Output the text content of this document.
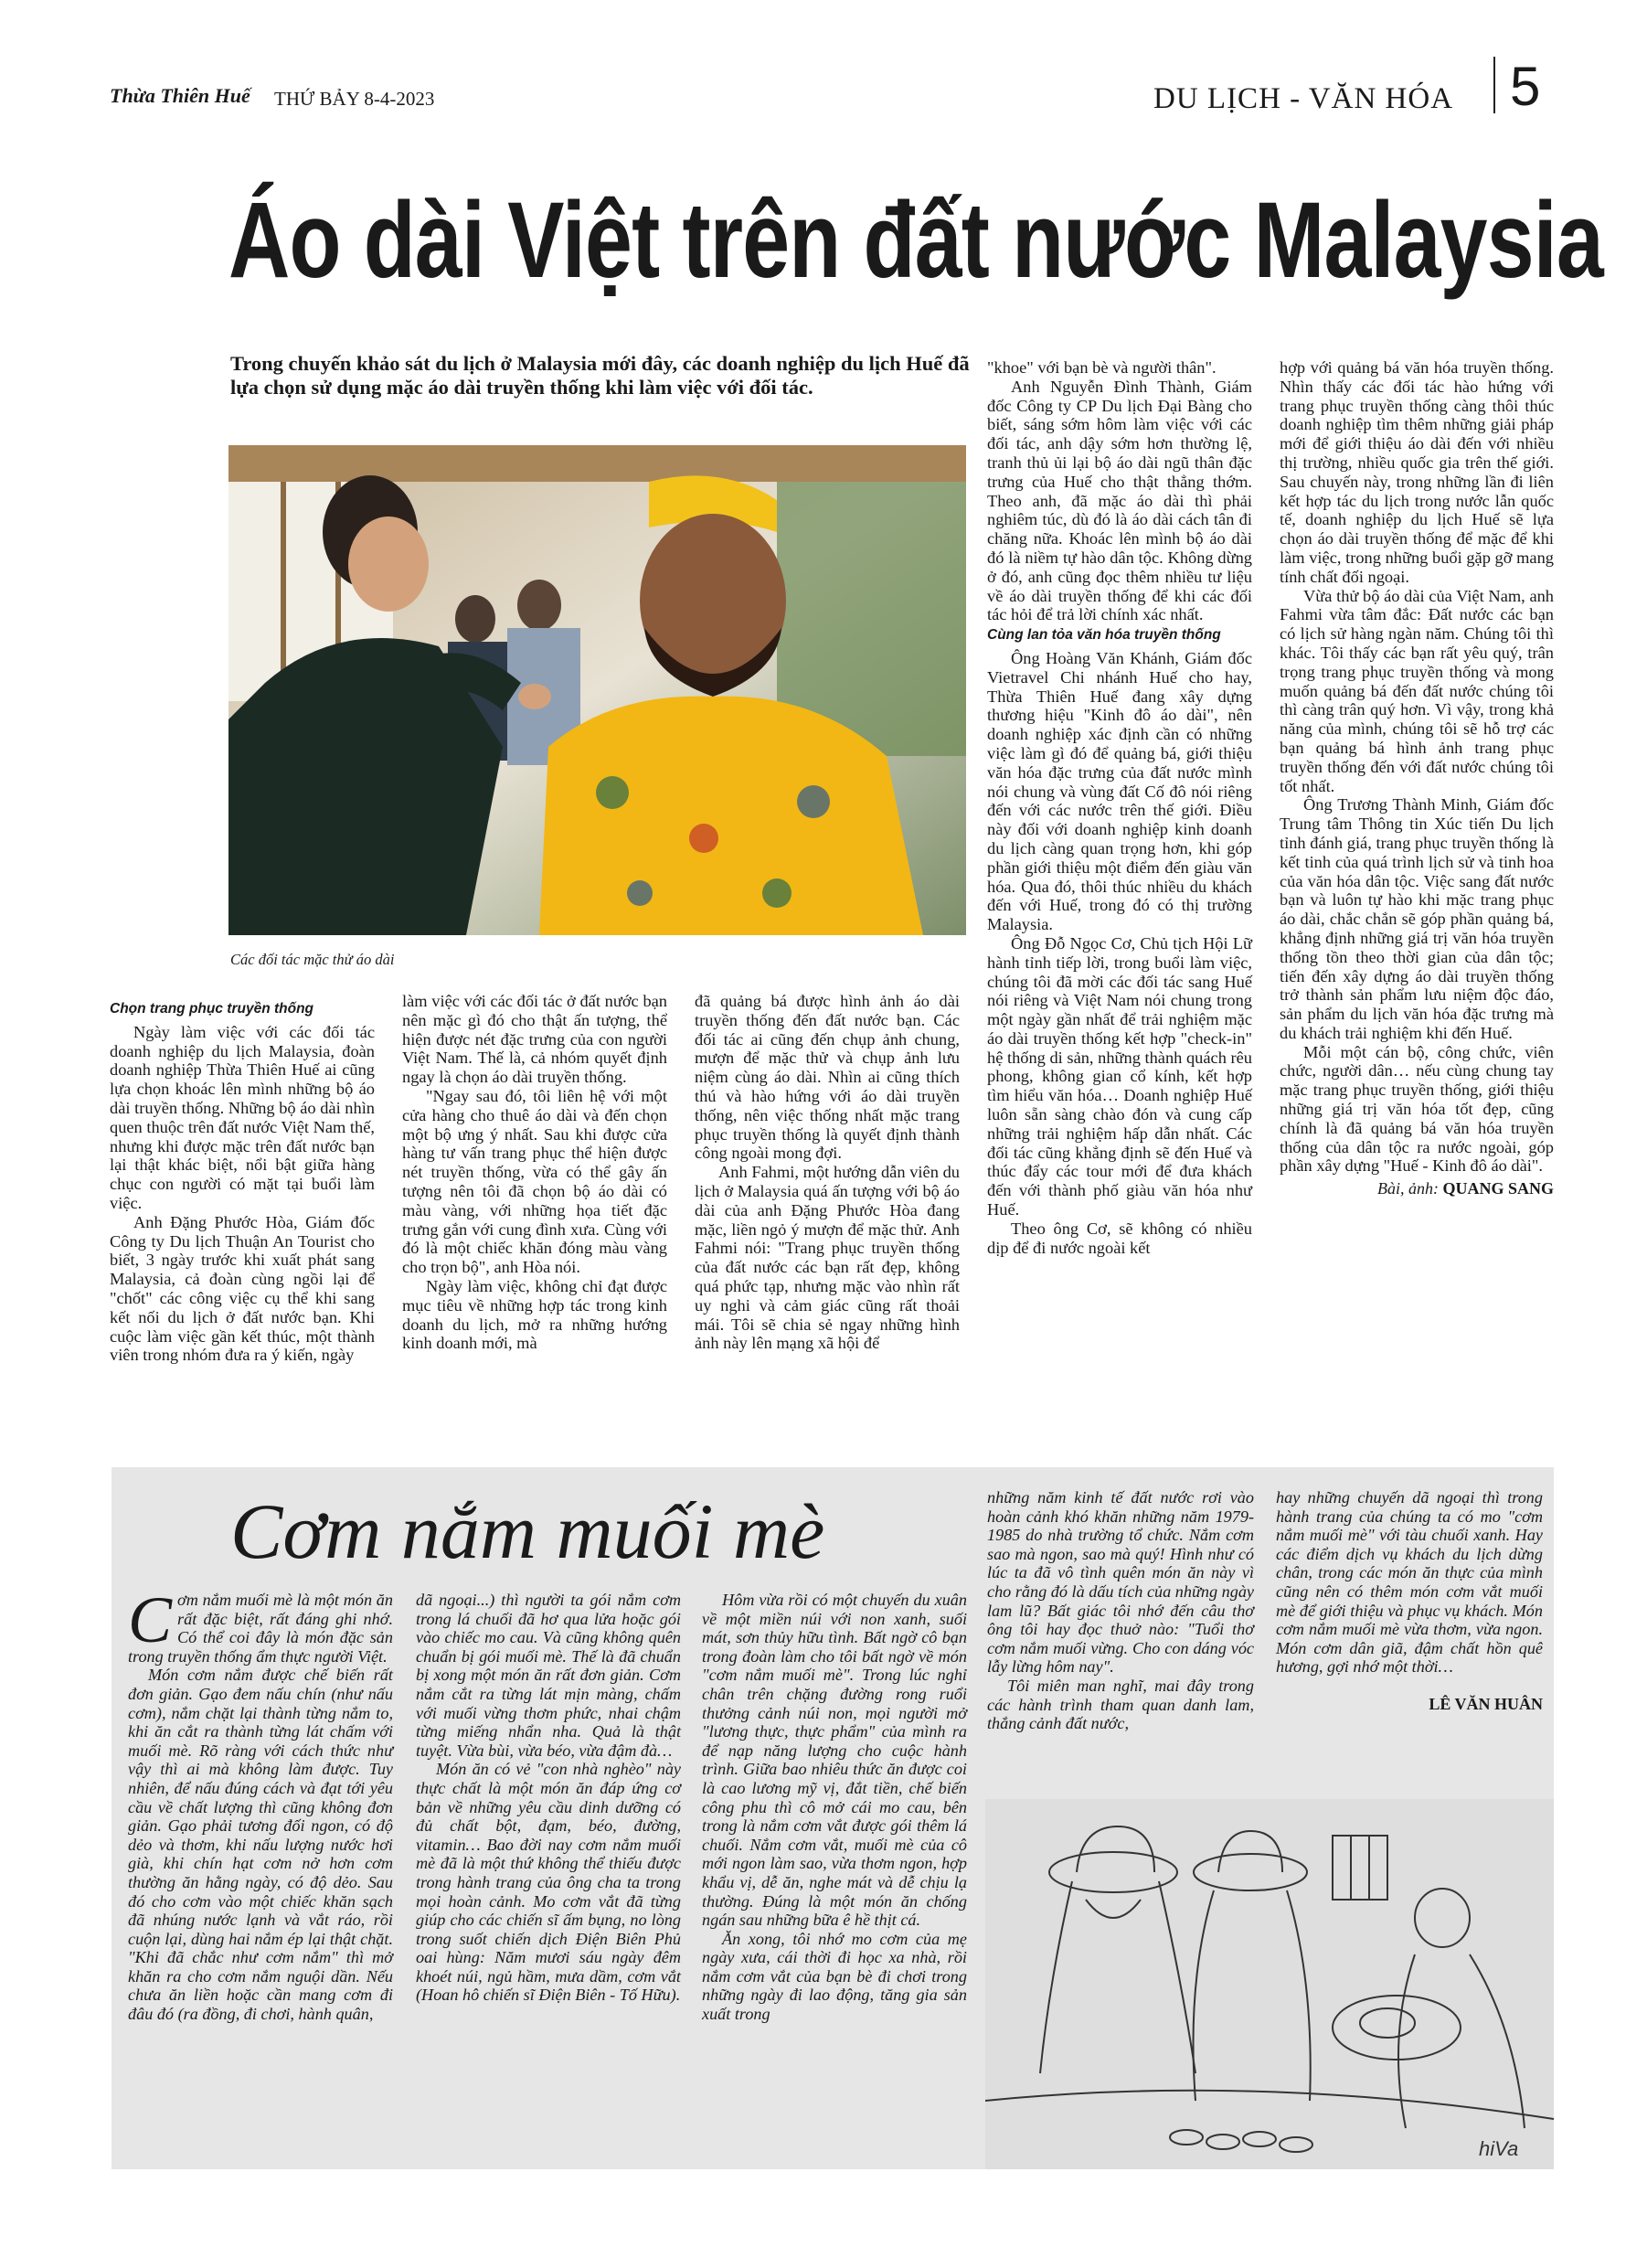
Thừa Thiên Huế THỨ BẢY 8-4-2023	DU LỊCH - VĂN HÓA 5
Áo dài Việt trên đất nước Malaysia
Trong chuyến khảo sát du lịch ở Malaysia mới đây, các doanh nghiệp du lịch Huế đã lựa chọn sử dụng mặc áo dài truyền thống khi làm việc với đối tác.
Các đối tác mặc thử áo dài
Chọn trang phục truyền thống

Ngày làm việc với các đối tác doanh nghiệp du lịch Malaysia, đoàn doanh nghiệp Thừa Thiên Huế ai cũng lựa chọn khoác lên mình những bộ áo dài truyền thống. Những bộ áo dài nhìn quen thuộc trên đất nước Việt Nam thế, nhưng khi được mặc trên đất nước bạn lại thật khác biệt, nổi bật giữa hàng chục con người có mặt tại buổi làm việc.

Anh Đặng Phước Hòa, Giám đốc Công ty Du lịch Thuận An Tourist cho biết, 3 ngày trước khi xuất phát sang Malaysia, cả đoàn cùng ngồi lại để "chốt" các công việc cụ thể khi sang kết nối du lịch ở đất nước bạn. Khi cuộc làm việc gần kết thúc, một thành viên trong nhóm đưa ra ý kiến, ngày

làm việc với các đối tác ở đất nước bạn nên mặc gì đó cho thật ấn tượng, thể hiện được nét đặc trưng của con người Việt Nam. Thế là, cả nhóm quyết định ngay là chọn áo dài truyền thống.

"Ngay sau đó, tôi liên hệ với một cửa hàng cho thuê áo dài và đến chọn một bộ ưng ý nhất. Sau khi được cửa hàng tư vấn trang phục thể hiện được nét truyền thống, vừa có thể gây ấn tượng nên tôi đã chọn bộ áo dài có màu vàng, với những họa tiết đặc trưng gắn với cung đình xưa. Cùng với đó là một chiếc khăn đóng màu vàng cho trọn bộ", anh Hòa nói.

Ngày làm việc, không chỉ đạt được mục tiêu về những hợp tác trong kinh doanh du lịch, mở ra những hướng kinh doanh mới, mà

đã quảng bá được hình ảnh áo dài truyền thống đến đất nước bạn. Các đối tác ai cũng đến chụp ảnh chung, mượn để mặc thử và chụp ảnh lưu niệm cùng áo dài. Nhìn ai cũng thích thú và hào hứng với áo dài truyền thống, nên việc thống nhất mặc trang phục truyền thống là quyết định thành công ngoài mong đợi.

Anh Fahmi, một hướng dẫn viên du lịch ở Malaysia quá ấn tượng với bộ áo dài của anh Đặng Phước Hòa đang mặc, liền ngỏ ý mượn để mặc thử. Anh Fahmi nói: "Trang phục truyền thống của đất nước các bạn rất đẹp, không quá phức tạp, nhưng mặc vào nhìn rất uy nghi và cảm giác cũng rất thoải mái. Tôi sẽ chia sẻ ngay những hình ảnh này lên mạng xã hội để

"khoe" với bạn bè và người thân".

Anh Nguyễn Đình Thành, Giám đốc Công ty CP Du lịch Đại Bàng cho biết, sáng sớm hôm làm việc với các đối tác, anh dậy sớm hơn thường lệ, tranh thủ ủi lại bộ áo dài ngũ thân đặc trưng của Huế cho thật thẳng thớm. Theo anh, đã mặc áo dài thì phải nghiêm túc, dù đó là áo dài cách tân đi chăng nữa. Khoác lên mình bộ áo dài đó là niềm tự hào dân tộc. Không dừng ở đó, anh cũng đọc thêm nhiều tư liệu về áo dài truyền thống để khi các đối tác hỏi để trả lời chính xác nhất.

Cùng lan tỏa văn hóa truyền thống

Ông Hoàng Văn Khánh, Giám đốc Vietravel Chi nhánh Huế cho hay, Thừa Thiên Huế đang xây dựng thương hiệu "Kinh đô áo dài", nên doanh nghiệp xác định cần có những việc làm gì đó để quảng bá, giới thiệu văn hóa đặc trưng của đất nước mình nói chung và vùng đất Cố đô nói riêng đến với các nước trên thế giới. Điều này đối với doanh nghiệp kinh doanh du lịch càng quan trọng hơn, khi góp phần giới thiệu một điểm đến giàu văn hóa. Qua đó, thôi thúc nhiều du khách đến với Huế, trong đó có thị trường Malaysia.

Ông Đỗ Ngọc Cơ, Chủ tịch Hội Lữ hành tỉnh tiếp lời, trong buổi làm việc, chúng tôi đã mời các đối tác sang Huế nói riêng và Việt Nam nói chung trong một ngày gần nhất để trải nghiệm mặc áo dài truyền thống kết hợp "check-in" hệ thống di sản, những thành quách rêu phong, không gian cổ kính, kết hợp tìm hiểu văn hóa… Doanh nghiệp Huế luôn sẵn sàng chào đón và cung cấp những trải nghiệm hấp dẫn nhất. Các đối tác cũng khẳng định sẽ đến Huế và thúc đẩy các tour mới để đưa khách đến với thành phố giàu văn hóa như Huế.

Theo ông Cơ, sẽ không có nhiều dịp để đi nước ngoài kết

hợp với quảng bá văn hóa truyền thống. Nhìn thấy các đối tác hào hứng với trang phục truyền thống càng thôi thúc doanh nghiệp tìm thêm những giải pháp mới để giới thiệu áo dài đến với nhiều thị trường, nhiều quốc gia trên thế giới. Sau chuyến này, trong những lần đi liên kết hợp tác du lịch trong nước lẫn quốc tế, doanh nghiệp du lịch Huế sẽ lựa chọn áo dài truyền thống để mặc để khi làm việc, trong những buổi gặp gỡ mang tính chất đối ngoại.

Vừa thử bộ áo dài của Việt Nam, anh Fahmi vừa tâm đắc: Đất nước các bạn có lịch sử hàng ngàn năm. Chúng tôi thì khác. Tôi thấy các bạn rất yêu quý, trân trọng trang phục truyền thống và mong muốn quảng bá đến đất nước chúng tôi thì càng trân quý hơn. Vì vậy, trong khả năng của mình, chúng tôi sẽ hỗ trợ các bạn quảng bá hình ảnh trang phục truyền thống đến với đất nước chúng tôi tốt nhất.

Ông Trương Thành Minh, Giám đốc Trung tâm Thông tin Xúc tiến Du lịch tỉnh đánh giá, trang phục truyền thống là kết tinh của quá trình lịch sử và tinh hoa của văn hóa dân tộc. Việc sang đất nước bạn và luôn tự hào khi mặc trang phục áo dài, chắc chắn sẽ góp phần quảng bá, khẳng định những giá trị văn hóa truyền thống tồn theo thời gian của dân tộc; tiến đến xây dựng áo dài truyền thống trở thành sản phẩm lưu niệm độc đáo, sản phẩm du lịch văn hóa đặc trưng mà du khách trải nghiệm khi đến Huế.

Mỗi một cán bộ, công chức, viên chức, người dân… nếu cùng chung tay mặc trang phục truyền thống, giới thiệu những giá trị văn hóa tốt đẹp, cũng chính là đã quảng bá văn hóa truyền thống của dân tộc ra nước ngoài, góp phần xây dựng "Huế - Kinh đô áo dài".

Bài, ảnh: QUANG SANG
Cơm nắm muối mè

Cơm nắm muối mè là một món ăn rất đặc biệt, rất đáng ghi nhớ. Có thể coi đây là món đặc sản trong truyền thống ẩm thực người Việt.

Món cơm nắm được chế biến rất đơn giản. Gạo đem nấu chín (như nấu cơm), nắm chặt lại thành từng nắm to, khi ăn cắt ra thành từng lát chấm với muối mè. Rõ ràng với cách thức như vậy thì ai mà không làm được. Tuy nhiên, để nấu đúng cách và đạt tới yêu cầu về chất lượng thì cũng không đơn giản. Gạo phải tương đối ngon, có độ dẻo và thơm, khi nấu lượng nước hơi già, khi chín hạt cơm nở hơn cơm thường ăn hằng ngày, có độ dẻo. Sau đó cho cơm vào một chiếc khăn sạch đã nhúng nước lạnh và vắt ráo, rồi cuộn lại, dùng hai nắm ép lại thật chặt. "Khi đã chắc như cơm nắm" thì mở khăn ra cho cơm nắm nguội dần. Nếu chưa ăn liền hoặc cần mang cơm đi đâu đó (ra đồng, đi chơi, hành quân,

dã ngoại...) thì người ta gói nắm cơm trong lá chuối đã hơ qua lửa hoặc gói vào chiếc mo cau. Và cũng không quên chuẩn bị gói muối mè. Thế là đã chuẩn bị xong một món ăn rất đơn giản. Cơm nắm cắt ra từng lát mịn màng, chấm với muối vừng thơm phức, nhai chậm từng miếng nhẩn nha. Quả là thật tuyệt. Vừa bùi, vừa béo, vừa đậm đà…

Món ăn có vẻ "con nhà nghèo" này thực chất là một món ăn đáp ứng cơ bản về những yêu cầu dinh dưỡng có đủ chất bột, đạm, béo, đường, vitamin… Bao đời nay cơm nắm muối mè đã là một thứ không thể thiếu được trong hành trang của ông cha ta trong mọi hoàn cảnh. Mo cơm vắt đã từng giúp cho các chiến sĩ ấm bụng, no lòng trong suốt chiến dịch Điện Biên Phủ oai hùng: Năm mươi sáu ngày đêm khoét núi, ngủ hầm, mưa dầm, cơm vắt (Hoan hô chiến sĩ Điện Biên - Tố Hữu).

Hôm vừa rồi có một chuyến du xuân về một miền núi với non xanh, suối mát, sơn thủy hữu tình. Bất ngờ cô bạn trong đoàn làm cho tôi bất ngờ về món "cơm nắm muối mè". Trong lúc nghỉ chân trên chặng đường rong ruổi thưởng cảnh núi non, mọi người mở "lương thực, thực phẩm" của mình ra để nạp năng lượng cho cuộc hành trình. Giữa bao nhiêu thức ăn được coi là cao lương mỹ vị, đắt tiền, chế biến công phu thì cô mở cái mo cau, bên trong là nắm cơm vắt được gói thêm lá chuối. Nắm cơm vắt, muối mè của cô mới ngon làm sao, vừa thơm ngon, hợp khẩu vị, dễ ăn, nghe mát và dễ chịu lạ thường. Đúng là một món ăn chống ngán sau những bữa ê hề thịt cá.

Ăn xong, tôi nhớ mo cơm của mẹ ngày xưa, cái thời đi học xa nhà, rồi nắm cơm vắt của bạn bè đi chơi trong những ngày đi lao động, tăng gia sản xuất trong

những năm kinh tế đất nước rơi vào hoàn cảnh khó khăn những năm 1979-1985 do nhà trường tổ chức. Nắm cơm sao mà ngon, sao mà quý! Hình như có lúc ta đã vô tình quên món ăn này vì cho rằng đó là dấu tích của những ngày lam lũ? Bất giác tôi nhớ đến câu thơ ông tôi hay đọc thuở nào: "Tuổi thơ cơm nắm muối vừng. Cho con dáng vóc lẫy lừng hôm nay".

Tôi miên man nghĩ, mai đây trong các hành trình tham quan danh lam, thắng cảnh đất nước,

hay những chuyến dã ngoại thì trong hành trang của chúng ta có mo "cơm nắm muối mè" với tàu chuối xanh. Hay các điểm dịch vụ khách du lịch dừng chân, trong các món ăn thực của mình cũng nên có thêm món cơm vắt muối mè để giới thiệu và phục vụ khách. Món cơm nắm muối mè vừa thơm, vừa ngon. Món cơm dân giã, đậm chất hồn quê hương, gợi nhớ một thời…

LÊ VĂN HUÂN
hiVa
